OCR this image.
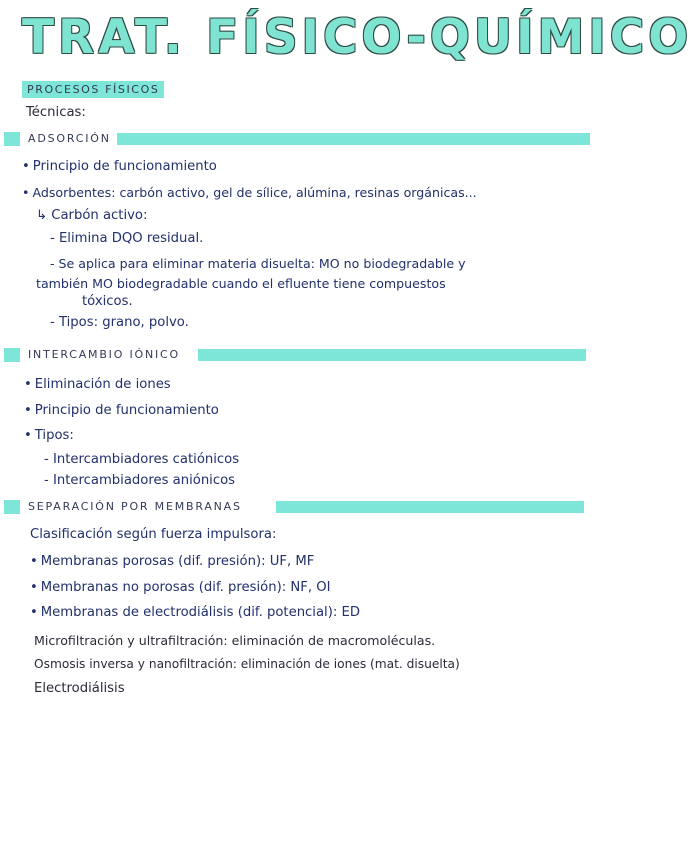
TRAT. FÍSICO-QUÍMICO
PROCESOS FÍSICOS
Técnicas:
ADSORCIÓN
• Principio de funcionamiento
• Adsorbentes: carbón activo, gel de sílice, alúmina, resinas orgánicas...
↳ Carbón activo:
- Elimina DQO residual.
- Se aplica para eliminar materia disuelta: MO no biodegradable y
también MO biodegradable cuando el efluente tiene compuestos
tóxicos.
- Tipos: grano, polvo.
INTERCAMBIO IÓNICO
• Eliminación de iones
• Principio de funcionamiento
• Tipos:
- Intercambiadores catiónicos
- Intercambiadores aniónicos
SEPARACIÓN POR MEMBRANAS
Clasificación según fuerza impulsora:
• Membranas porosas (dif. presión): UF, MF
• Membranas no porosas (dif. presión): NF, OI
• Membranas de electrodiálisis (dif. potencial): ED
Microfiltración y ultrafiltración: eliminación de macromoléculas.
Osmosis inversa y nanofiltración: eliminación de iones (mat. disuelta)
Electrodiálisis
